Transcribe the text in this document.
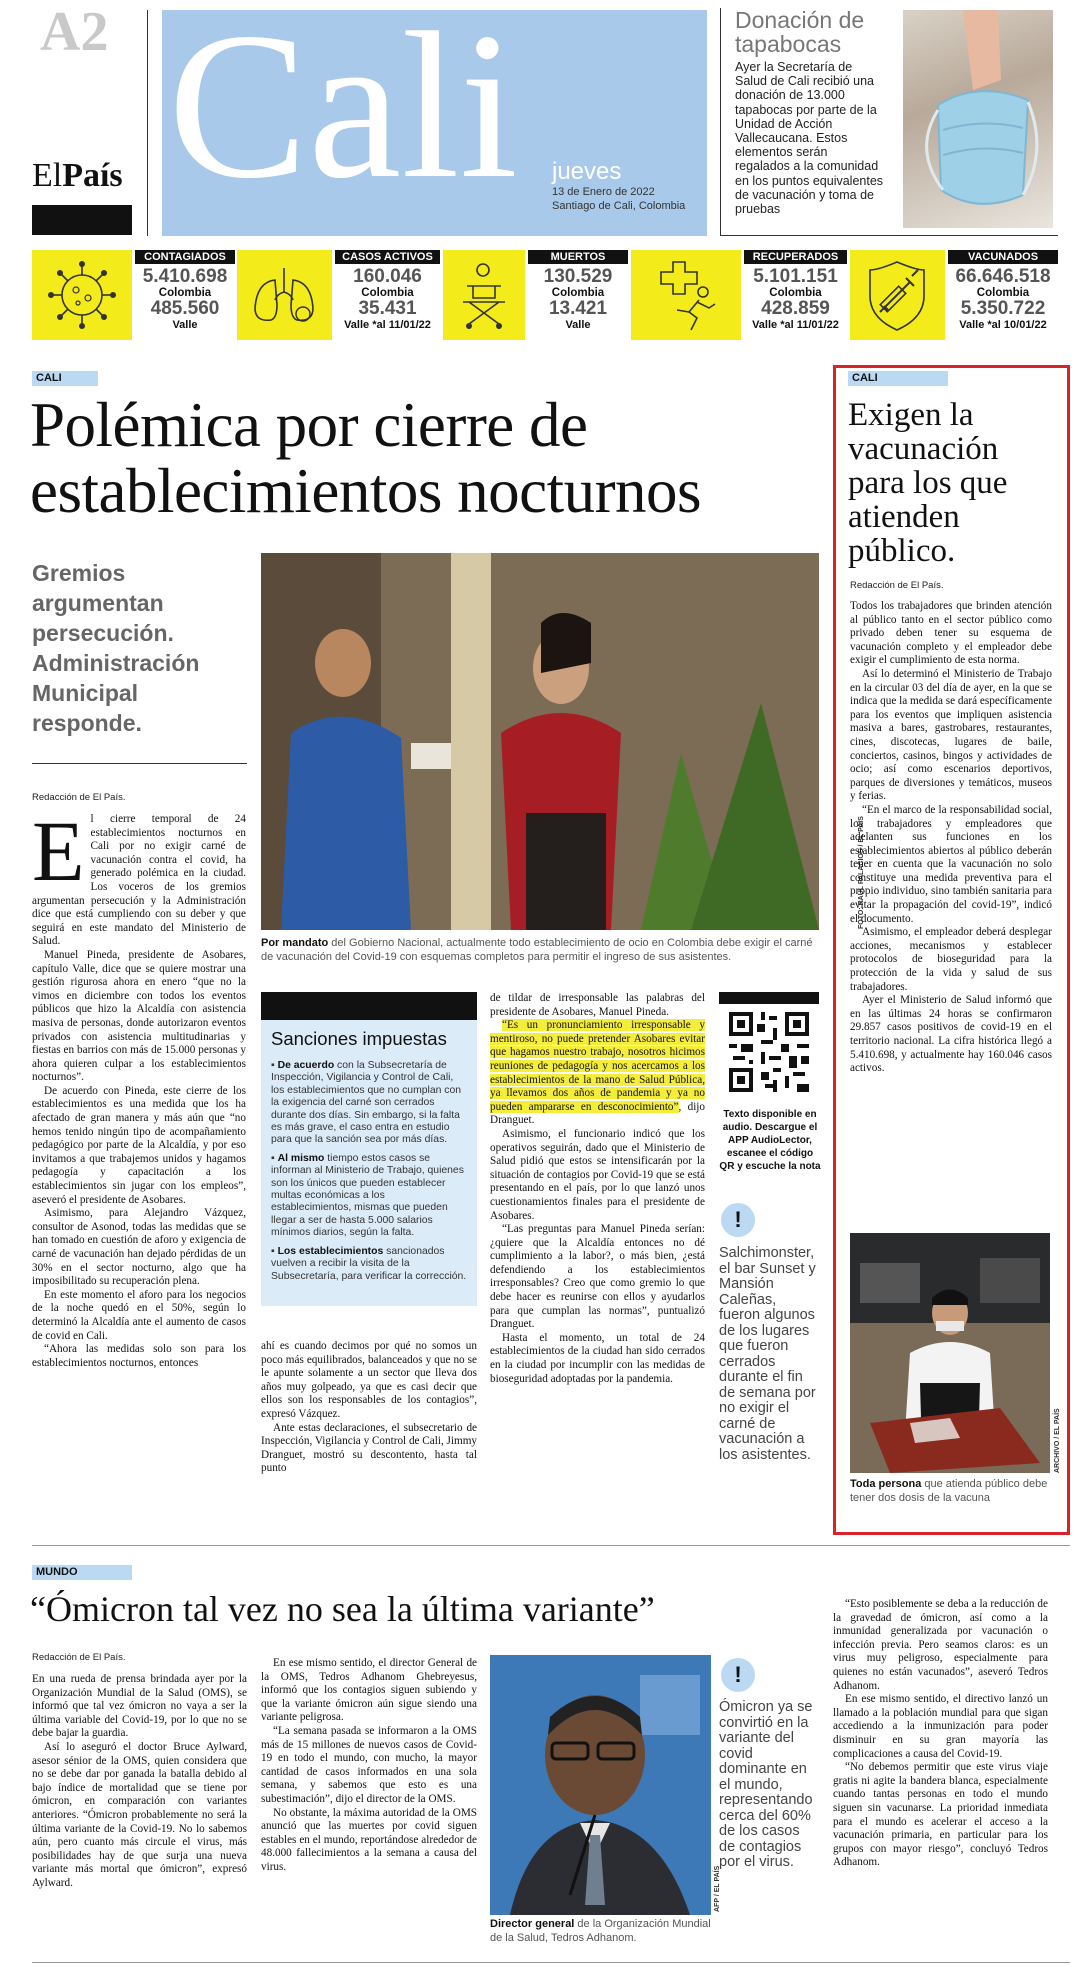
A2
ElPaís Cali jueves
13 de Enero de 2022
Santiago de Cali, Colombia
Donación de tapabocas
Ayer la Secretaría de Salud de Cali recibió una donación de 13.000 tapabocas por parte de la Unidad de Acción Vallecaucana. Estos elementos serán regalados a la comunidad en los puntos equivalentes de vacunación y toma de pruebas
CONTAGIADOS
5.410.698
Colombia
485.560
Valle
CASOS ACTIVOS
160.046
Colombia
35.431
Valle *al 11/01/22
MUERTOS
130.529
Colombia
13.421
Valle
RECUPERADOS
5.101.151
Colombia
428.859
Valle *al 11/01/22
VACUNADOS
66.646.518
Colombia
5.350.722
Valle *al 10/01/22
CALI
Polémica por cierre de
establecimientos nocturnos
Gremios argumentan persecución. Administración Municipal responde.
Redacción de El País.
FOTO: RAÚL PALACIOS / EL PAÍS
Por mandato del Gobierno Nacional, actualmente todo establecimiento de ocio en Colombia debe exigir el carné de vacunación del Covid-19 con esquemas completos para permitir el ingreso de sus asistentes.
E l cierre temporal de 24 establecimientos nocturnos en Cali por no exigir carné de vacunación contra el covid, ha generado polémica en la ciudad. Los voceros de los gremios argumentan persecución y la Administración dice que está cumpliendo con su deber y que seguirá en este mandato del Ministerio de Salud.

Manuel Pineda, presidente de Asobares, capítulo Valle, dice que se quiere mostrar una gestión rigurosa ahora en enero “que no la vimos en diciembre con todos los eventos públicos que hizo la Alcaldía con asistencia masiva de personas, donde autorizaron eventos privados con asistencia multitudinarias y fiestas en barrios con más de 15.000 personas y ahora quieren culpar a los establecimientos nocturnos”.

De acuerdo con Pineda, este cierre de los establecimientos es una medida que los ha afectado de gran manera y más aún que “no hemos tenido ningún tipo de acompañamiento pedagógico por parte de la Alcaldía, y por eso invitamos a que trabajemos unidos y hagamos pedagogía y capacitación a los establecimientos sin jugar con los empleos”, aseveró el presidente de Asobares.

Asimismo, para Alejandro Vázquez, consultor de Asonod, todas las medidas que se han tomado en cuestión de aforo y exigencia de carné de vacunación han dejado pérdidas de un 30% en el sector nocturno, algo que ha imposibilitado su recuperación plena.

En este momento el aforo para los negocios de la noche quedó en el 50%, según lo determinó la Alcaldía ante el aumento de casos de covid en Cali.

“Ahora las medidas solo son para los establecimientos nocturnos, entonces

Sanciones impuestas
▪ De acuerdo con la Subsecretaría de Inspección, Vigilancia y Control de Cali, los establecimientos que no cumplan con la exigencia del carné son cerrados durante dos días. Sin embargo, si la falta es más grave, el caso entra en estudio para que la sanción sea por más días.
▪ Al mismo tiempo estos casos se informan al Ministerio de Trabajo, quienes son los únicos que pueden establecer multas económicas a los establecimientos, mismas que pueden llegar a ser de hasta 5.000 salarios mínimos diarios, según la falta.
▪ Los establecimientos sancionados vuelven a recibir la visita de la Subsecretaría, para verificar la corrección.

ahí es cuando decimos por qué no somos un poco más equilibrados, balanceados y que no se le apunte solamente a un sector que lleva dos años muy golpeado, ya que es casi decir que ellos son los responsables de los contagios”, expresó Vázquez.

Ante estas declaraciones, el subsecretario de Inspección, Vigilancia y Control de Cali, Jimmy Dranguet, mostró su descontento, hasta tal punto

de tildar de irresponsable las palabras del presidente de Asobares, Manuel Pineda.

“Es un pronunciamiento irresponsable y mentiroso, no puede pretender Asobares evitar que hagamos nuestro trabajo, nosotros hicimos reuniones de pedagogía y nos acercamos a los establecimientos de la mano de Salud Pública, ya llevamos dos años de pandemia y ya no pueden ampararse en desconocimiento”, dijo Dranguet.

Asimismo, el funcionario indicó que los operativos seguirán, dado que el Ministerio de Salud pidió que estos se intensificarán por la situación de contagios por Covid-19 que se está presentando en el país, por lo que lanzó unos cuestionamientos finales para el presidente de Asobares.

“Las preguntas para Manuel Pineda serían: ¿quiere que la Alcaldía entonces no dé cumplimiento a la labor?, o más bien, ¿está defendiendo a los establecimientos irresponsables? Creo que como gremio lo que debe hacer es reunirse con ellos y ayudarlos para que cumplan las normas”, puntualizó Dranguet.

Hasta el momento, un total de 24 establecimientos de la ciudad han sido cerrados en la ciudad por incumplir con las medidas de bioseguridad adoptadas por la pandemia.

Texto disponible en audio. Descargue el APP AudioLector, escanee el código QR y escuche la nota
!
Salchimonster, el bar Sunset y Mansión Caleñas, fueron algunos de los lugares que fueron cerrados durante el fin de semana por no exigir el carné de vacunación a los asistentes.
CALI
Exigen la vacunación para los que atienden público.
Redacción de El País.

Todos los trabajadores que brinden atención al público tanto en el sector público como privado deben tener su esquema de vacunación completo y el empleador debe exigir el cumplimiento de esta norma.

Así lo determinó el Ministerio de Trabajo en la circular 03 del día de ayer, en la que se indica que la medida se dará específicamente para los eventos que impliquen asistencia masiva a bares, gastrobares, restaurantes, cines, discotecas, lugares de baile, conciertos, casinos, bingos y actividades de ocio; así como escenarios deportivos, parques de diversiones y temáticos, museos y ferias.

“En el marco de la responsabilidad social, los trabajadores y empleadores que adelanten sus funciones en los establecimientos abiertos al público deberán tener en cuenta que la vacunación no solo constituye una medida preventiva para el propio individuo, sino también sanitaria para evitar la propagación del covid-19”, indicó el documento.

Asimismo, el empleador deberá desplegar acciones, mecanismos y establecer protocolos de bioseguridad para la protección de la vida y salud de sus trabajadores.

Ayer el Ministerio de Salud informó que en las últimas 24 horas se confirmaron 29.857 casos positivos de covid-19 en el territorio nacional. La cifra histórica llegó a 5.410.698, y actualmente hay 160.046 casos activos.

ARCHIVO / EL PAÍS
Toda persona que atienda público debe tener dos dosis de la vacuna
MUNDO
“Ómicron tal vez no sea la última variante”
Redacción de El País.

En una rueda de prensa brindada ayer por la Organización Mundial de la Salud (OMS), se informó que tal vez ómicron no vaya a ser la última variable del Covid-19, por lo que no se debe bajar la guardia.

Así lo aseguró el doctor Bruce Aylward, asesor sénior de la OMS, quien considera que no se debe dar por ganada la batalla debido al bajo índice de mortalidad que se tiene por ómicron, en comparación con variantes anteriores. “Ómicron probablemente no será la última variante de la Covid-19. No lo sabemos aún, pero cuanto más circule el virus, más posibilidades hay de que surja una nueva variante más mortal que ómicron”, expresó Aylward.

En ese mismo sentido, el director General de la OMS, Tedros Adhanom Ghebreyesus, informó que los contagios siguen subiendo y que la variante ómicron aún sigue siendo una variante peligrosa.

“La semana pasada se informaron a la OMS más de 15 millones de nuevos casos de Covid-19 en todo el mundo, con mucho, la mayor cantidad de casos informados en una sola semana, y sabemos que esto es una subestimación”, dijo el director de la OMS.

No obstante, la máxima autoridad de la OMS anunció que las muertes por covid siguen estables en el mundo, reportándose alrededor de 48.000 fallecimientos a la semana a causa del virus.	AFP / EL PAÍS
Director general de la Organización Mundial de la Salud, Tedros Adhanom.
!
Ómicron ya se convirtió en la variante del covid dominante en el mundo, representando cerca del 60% de los casos de contagios por el virus.

“Esto posiblemente se deba a la reducción de la gravedad de ómicron, así como a la inmunidad generalizada por vacunación o infección previa. Pero seamos claros: es un virus muy peligroso, especialmente para quienes no están vacunados”, aseveró Tedros Adhanom.

En ese mismo sentido, el directivo lanzó un llamado a la población mundial para que sigan accediendo a la inmunización para poder disminuir en su gran mayoría las complicaciones a causa del Covid-19.

“No debemos permitir que este virus viaje gratis ni agite la bandera blanca, especialmente cuando tantas personas en todo el mundo siguen sin vacunarse. La prioridad inmediata para el mundo es acelerar el acceso a la vacunación primaria, en particular para los grupos con mayor riesgo”, concluyó Tedros Adhanom.
